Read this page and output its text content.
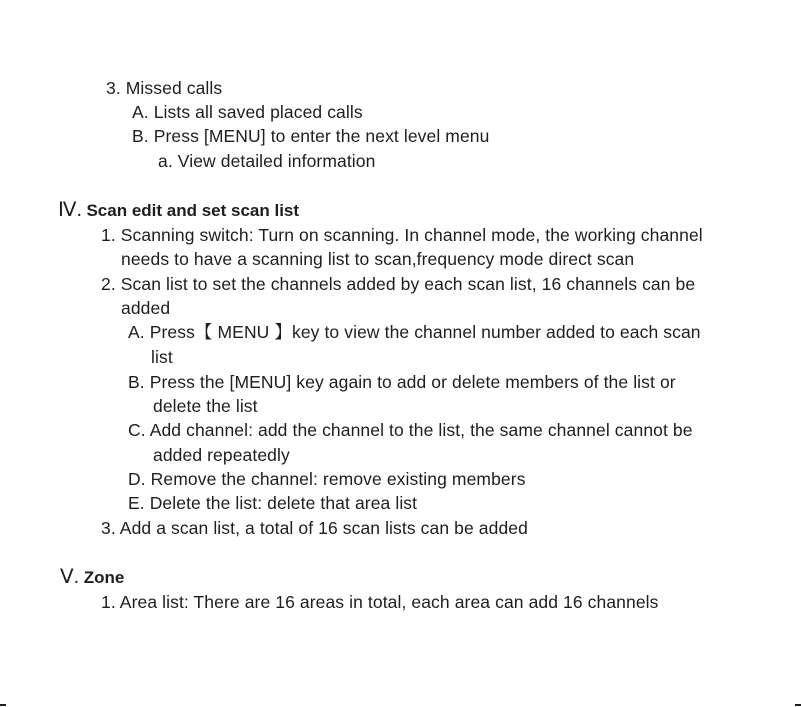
3. Missed calls
A. Lists all saved placed calls
B. Press [MENU] to enter the next level menu
a. View detailed information
Ⅳ. Scan edit and set scan list
1. Scanning switch: Turn on scanning. In channel mode, the working channel
needs to have a scanning list to scan,frequency mode direct scan
2. Scan list to set the channels added by each scan list, 16 channels can be
added
A. Press【 MENU 】key to view the channel number added to each scan
list
B. Press the [MENU] key again to add or delete members of the list or
delete the list
C. Add channel: add the channel to the list, the same channel cannot be
added repeatedly
D. Remove the channel: remove existing members
E. Delete the list: delete that area list
3. Add a scan list, a total of 16 scan lists can be added
Ⅴ. Zone
1. Area list: There are 16 areas in total, each area can add 16 channels
